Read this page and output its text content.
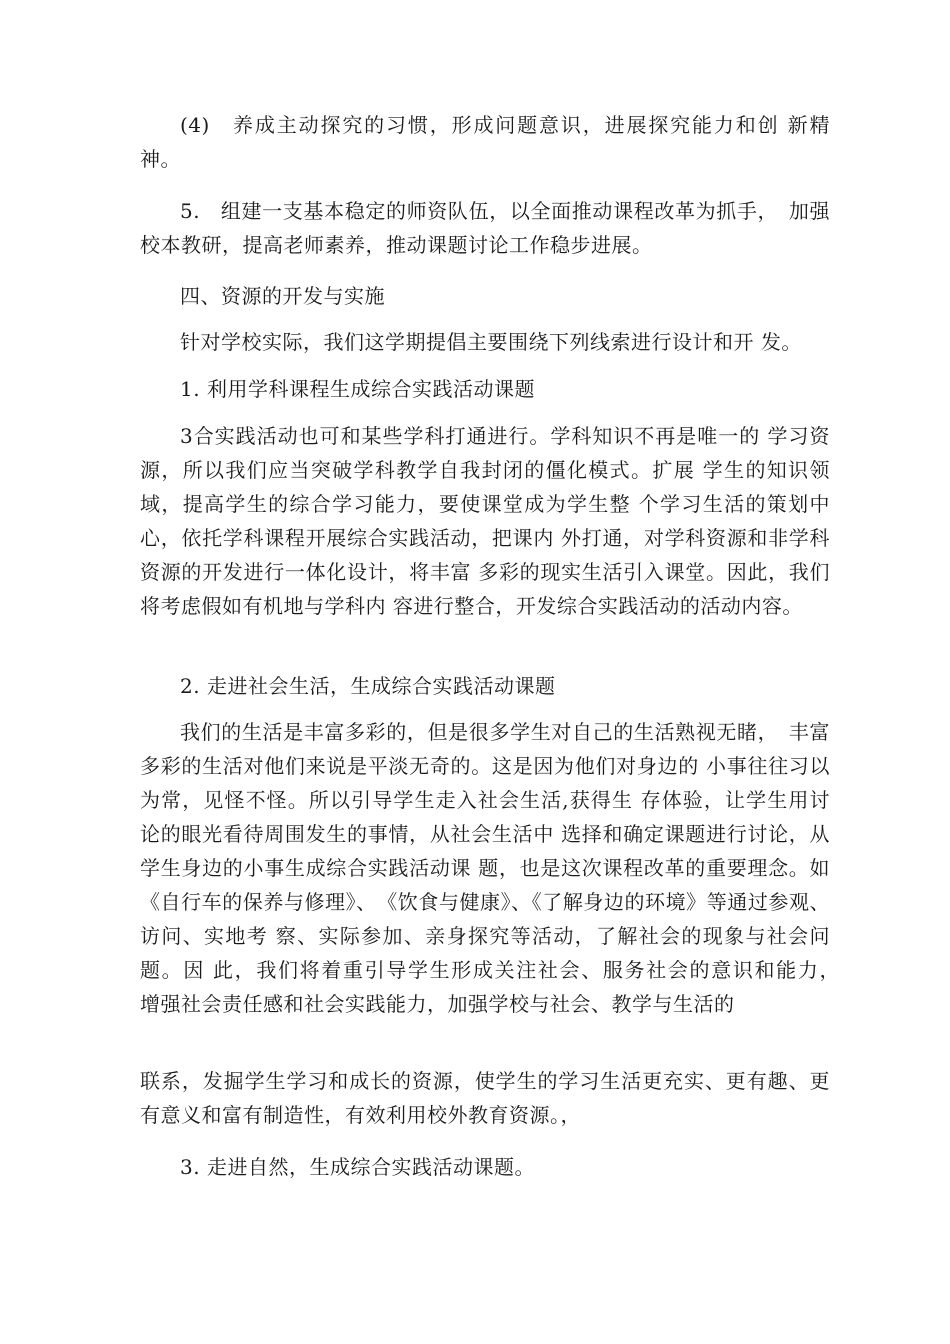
(4)　养成主动探究的习惯，形成问题意识，进展探究能力和创 新精神。

5.　组建一支基本稳定的师资队伍，以全面推动课程改革为抓手，　加强校本教研，提高老师素养，推动课题讨论工作稳步进展。

四、资源的开发与实施

针对学校实际，我们这学期提倡主要围绕下列线索进行设计和开 发。

1. 利用学科课程生成综合实践活动课题

3合实践活动也可和某些学科打通进行。学科知识不再是唯一的 学习资源，所以我们应当突破学科教学自我封闭的僵化模式。扩展 学生的知识领域，提高学生的综合学习能力，要使课堂成为学生整 个学习生活的策划中心，依托学科课程开展综合实践活动，把课内 外打通，对学科资源和非学科资源的开发进行一体化设计，将丰富 多彩的现实生活引入课堂。因此，我们将考虑假如有机地与学科内 容进行整合，开发综合实践活动的活动内容。

2. 走进社会生活，生成综合实践活动课题

我们的生活是丰富多彩的，但是很多学生对自己的生活熟视无睹，　丰富多彩的生活对他们来说是平淡无奇的。这是因为他们对身边的 小事往往习以为常，见怪不怪。所以引导学生走入社会生活,获得生 存体验，让学生用讨论的眼光看待周围发生的事情，从社会生活中 选择和确定课题进行讨论，从学生身边的小事生成综合实践活动课 题，也是这次课程改革的重要理念。如《自行车的保养与修理》、　《饮食与健康》、《了解身边的环境》等通过参观、访问、实地考 察、实际参加、亲身探究等活动，了解社会的现象与社会问题。因 此，我们将着重引导学生形成关注社会、服务社会的意识和能力，　增强社会责任感和社会实践能力，加强学校与社会、教学与生活的

联系，发掘学生学习和成长的资源，使学生的学习生活更充实、更有趣、更有意义和富有制造性，有效利用校外教育资源。，

3. 走进自然，生成综合实践活动课题。
